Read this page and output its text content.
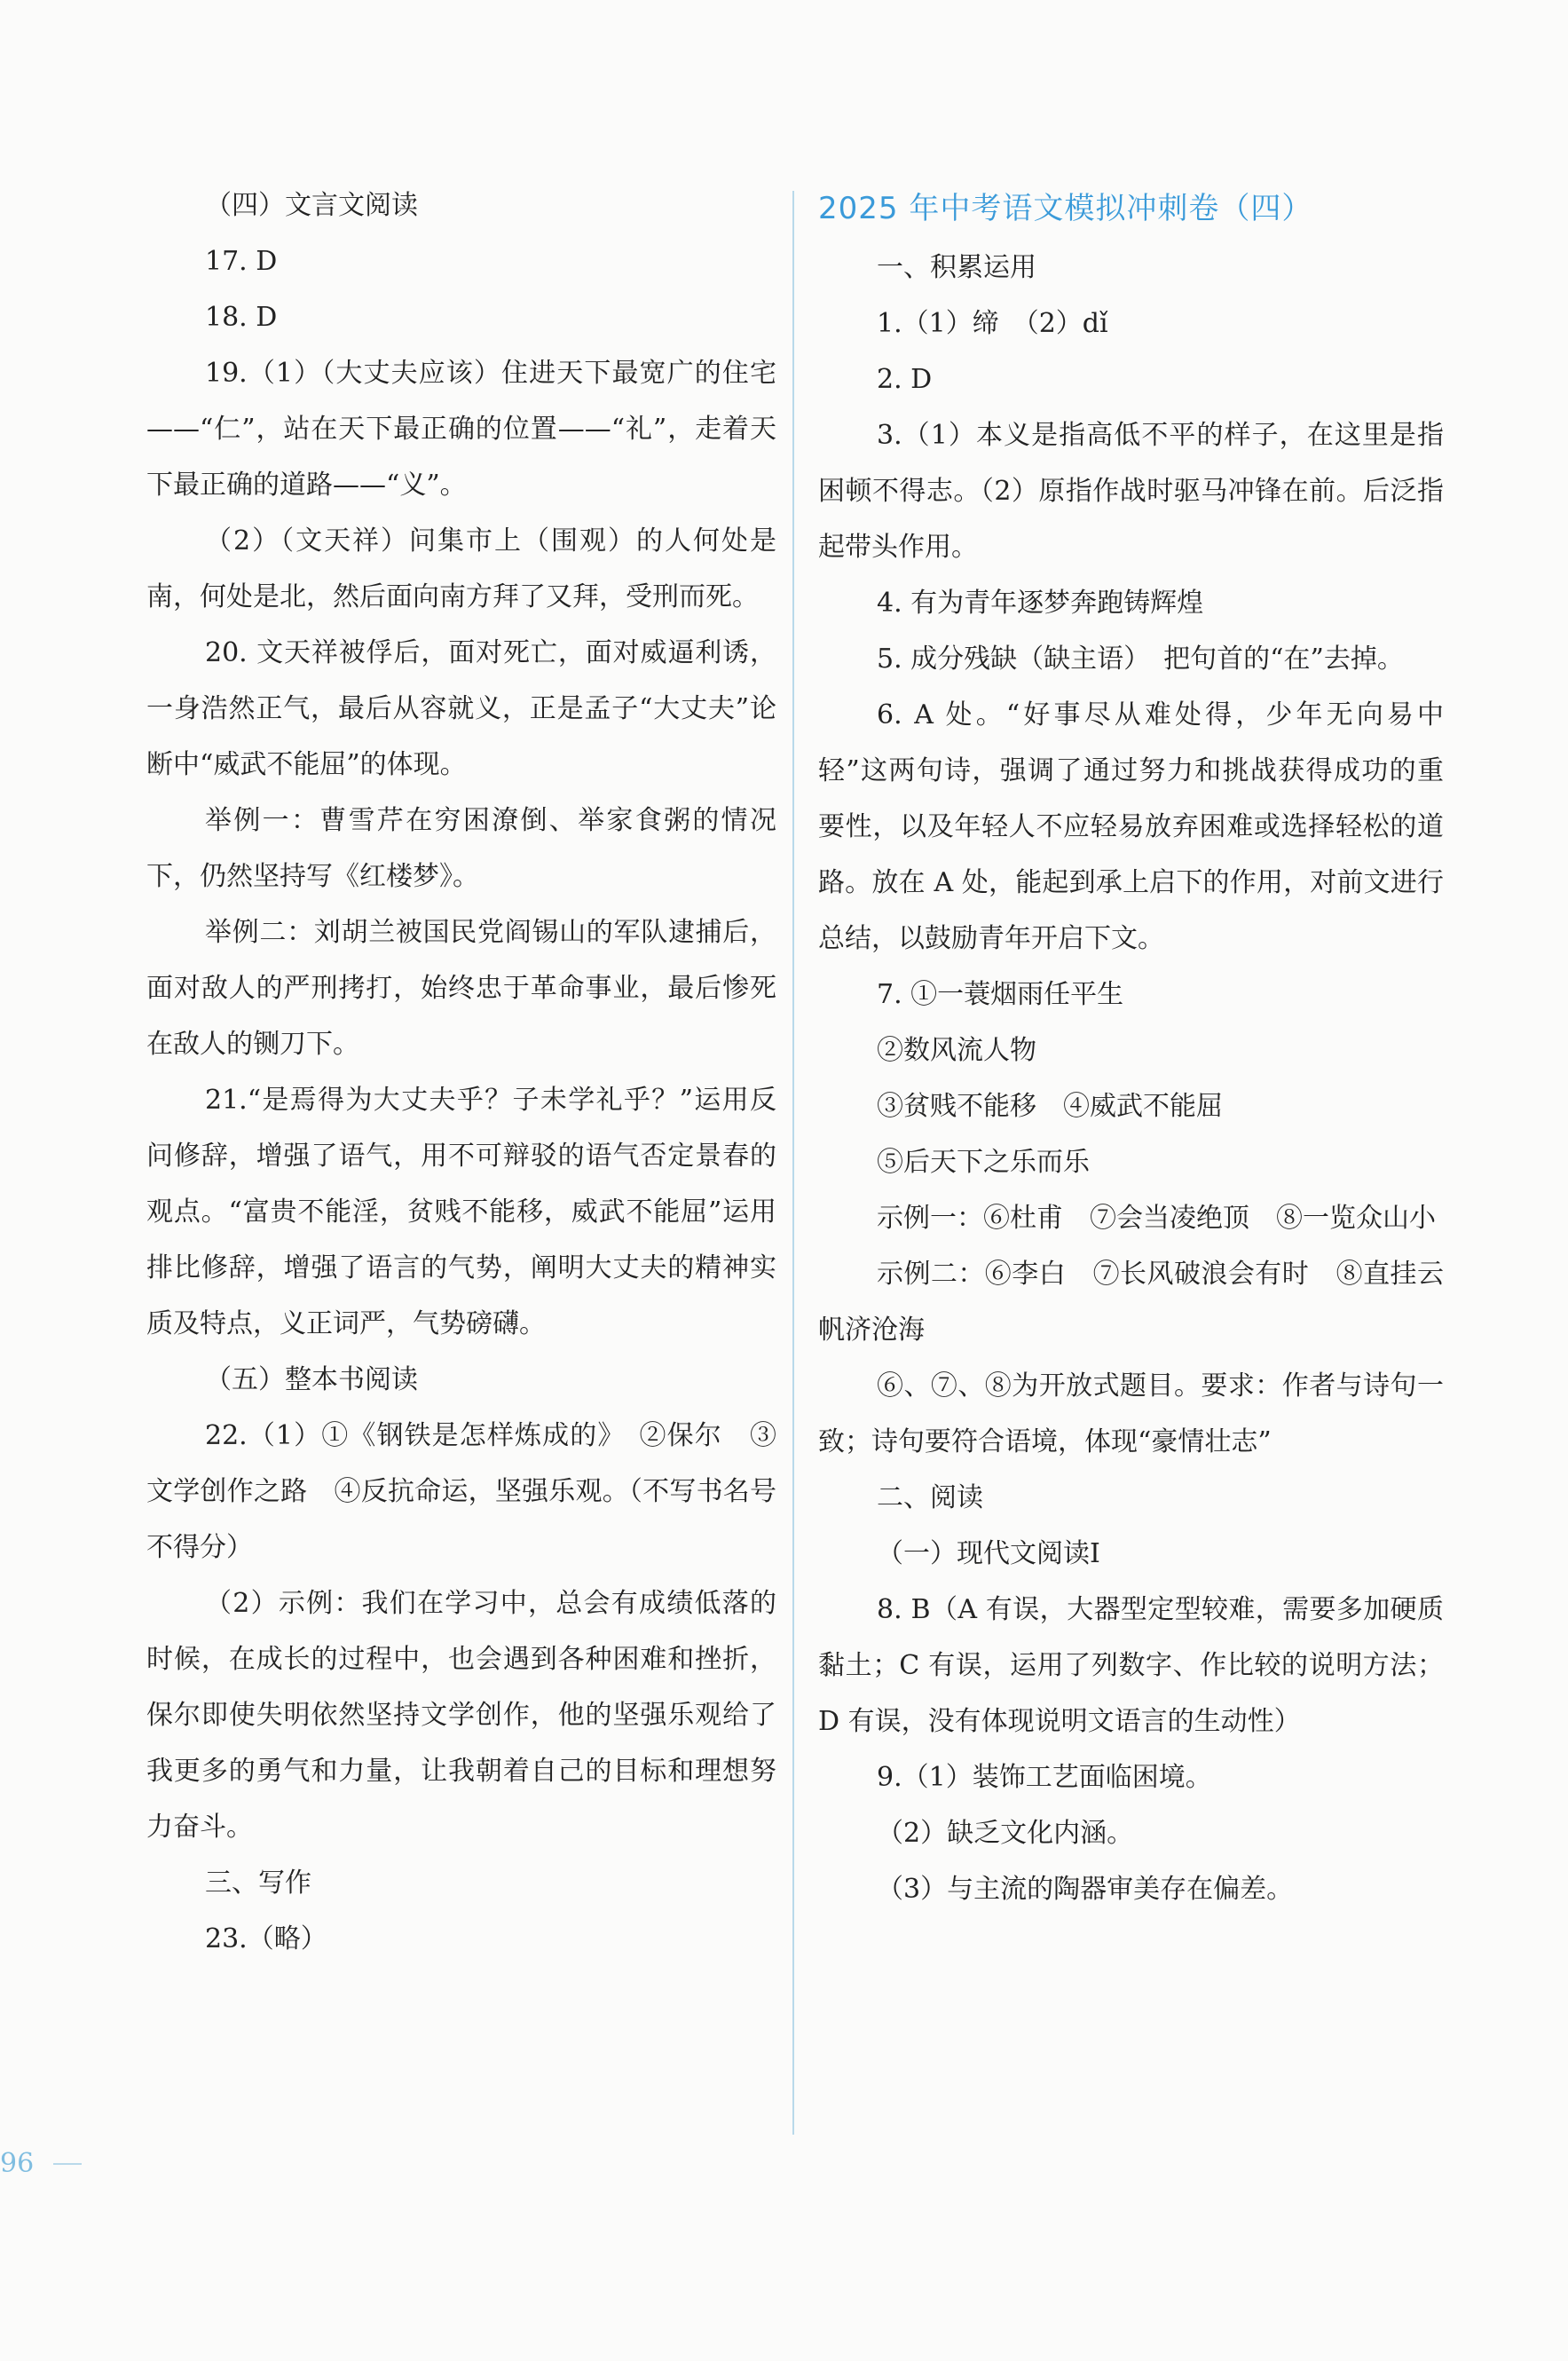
（四）文言文阅读

17. D

18. D

19.（1）（大丈夫应该）住进天下最宽广的住宅——“仁”，站在天下最正确的位置——“礼”，走着天下最正确的道路——“义”。

（2）（文天祥）问集市上（围观）的人何处是南，何处是北，然后面向南方拜了又拜，受刑而死。

20. 文天祥被俘后，面对死亡，面对威逼利诱，一身浩然正气，最后从容就义，正是孟子“大丈夫”论断中“威武不能屈”的体现。

举例一：曹雪芹在穷困潦倒、举家食粥的情况下，仍然坚持写《红楼梦》。

举例二：刘胡兰被国民党阎锡山的军队逮捕后，面对敌人的严刑拷打，始终忠于革命事业，最后惨死在敌人的铡刀下。

21.“是焉得为大丈夫乎？子未学礼乎？”运用反问修辞，增强了语气，用不可辩驳的语气否定景春的观点。“富贵不能淫，贫贱不能移，威武不能屈”运用排比修辞，增强了语言的气势，阐明大丈夫的精神实质及特点，义正词严，气势磅礴。

（五）整本书阅读

22.（1）①《钢铁是怎样炼成的》　②保尔　③文学创作之路　④反抗命运，坚强乐观。（不写书名号不得分）

（2）示例：我们在学习中，总会有成绩低落的时候，在成长的过程中，也会遇到各种困难和挫折，保尔即使失明依然坚持文学创作，他的坚强乐观给了我更多的勇气和力量，让我朝着自己的目标和理想努力奋斗。

三、写作

23.（略）

2025 年中考语文模拟冲刺卷（四）

一、积累运用

1.（1）缔　（2）dǐ

2. D

3.（1）本义是指高低不平的样子，在这里是指困顿不得志。（2）原指作战时驱马冲锋在前。后泛指起带头作用。

4. 有为青年逐梦奔跑铸辉煌

5. 成分残缺（缺主语）　把句首的“在”去掉。

6. A 处。“好事尽从难处得，少年无向易中轻”这两句诗，强调了通过努力和挑战获得成功的重要性，以及年轻人不应轻易放弃困难或选择轻松的道路。放在 A 处，能起到承上启下的作用，对前文进行总结，以鼓励青年开启下文。

7. ①一蓑烟雨任平生

②数风流人物

③贫贱不能移　④威武不能屈

⑤后天下之乐而乐

示例一：⑥杜甫　⑦会当凌绝顶　⑧一览众山小

示例二：⑥李白　⑦长风破浪会有时　⑧直挂云帆济沧海

⑥、⑦、⑧为开放式题目。要求：作者与诗句一致；诗句要符合语境，体现“豪情壮志”

二、阅读

（一）现代文阅读Ⅰ

8. B（A 有误，大器型定型较难，需要多加硬质黏土；C 有误，运用了列数字、作比较的说明方法；D 有误，没有体现说明文语言的生动性）

9.（1）装饰工艺面临困境。

（2）缺乏文化内涵。

（3）与主流的陶器审美存在偏差。

96
